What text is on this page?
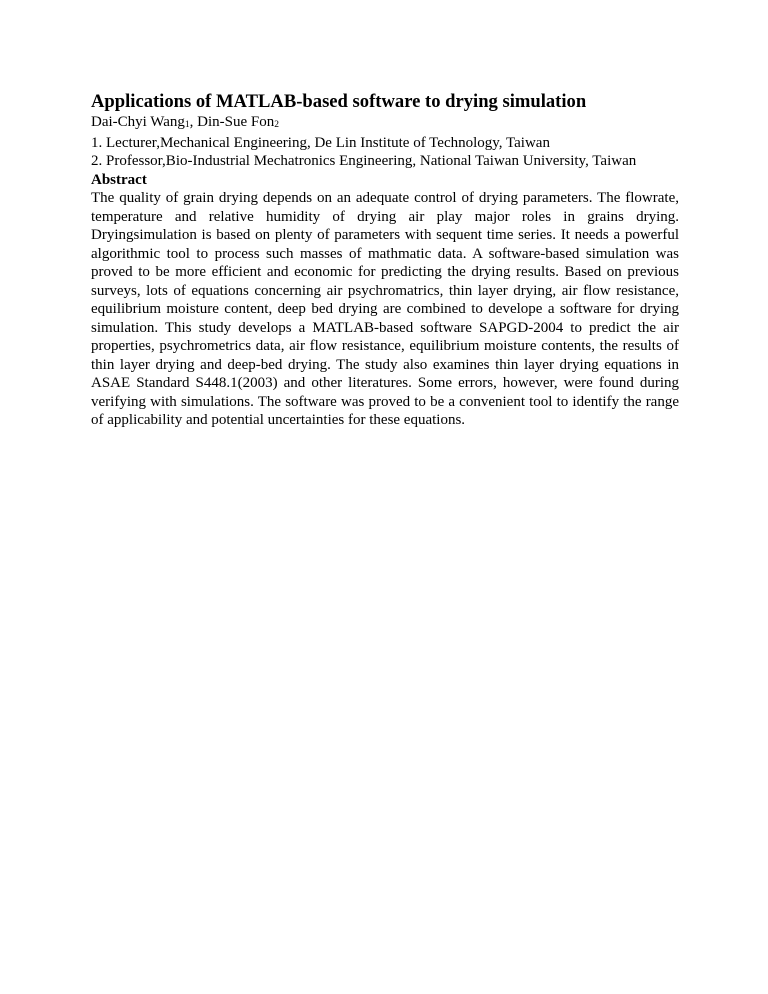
Applications of MATLAB-based software to drying simulation

Dai-Chyi Wang$_1$, Din-Sue Fon$_2$

1. Lecturer,Mechanical Engineering, De Lin Institute of Technology, Taiwan

2. Professor,Bio-Industrial Mechatronics Engineering, National Taiwan University, Taiwan

Abstract

The quality of grain drying depends on an adequate control of drying parameters. The flowrate, temperature and relative humidity of drying air play major roles in grains drying. Dryingsimulation is based on plenty of parameters with sequent time series. It needs a powerful algorithmic tool to process such masses of mathmatic data. A software-based simulation was proved to be more efficient and economic for predicting the drying results. Based on previous surveys, lots of equations concerning air psychromatrics, thin layer drying, air flow resistance, equilibrium moisture content, deep bed drying are combined to develope a software for drying simulation. This study develops a MATLAB-based software SAPGD-2004 to predict the air properties, psychrometrics data, air flow resistance, equilibrium moisture contents, the results of thin layer drying and deep-bed drying. The study also examines thin layer drying equations in ASAE Standard S448.1(2003) and other literatures. Some errors, however, were found during verifying with simulations. The software was proved to be a convenient tool to identify the range of applicability and potential uncertainties for these equations.
